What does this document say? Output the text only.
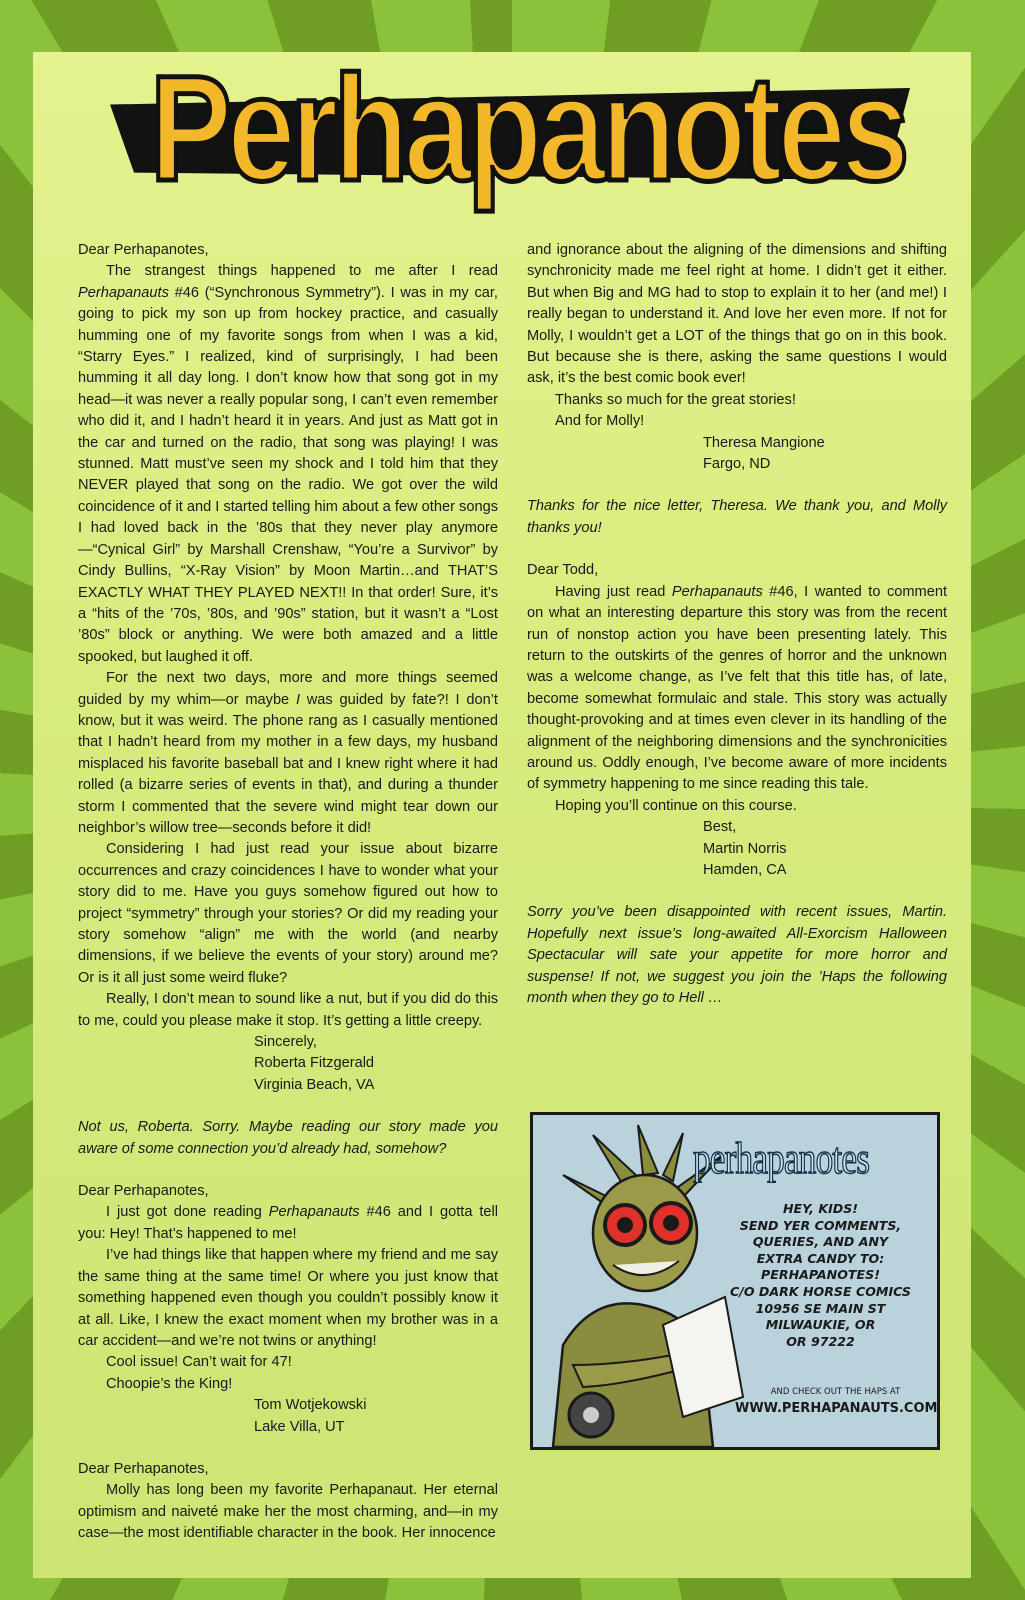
Perhapanotes

Dear Perhapanotes,

The strangest things happened to me after I read Perhapanauts #46 (“Synchronous Symmetry”). I was in my car, going to pick my son up from hockey practice, and casually humming one of my favorite songs from when I was a kid, “Starry Eyes.” I realized, kind of surprisingly, I had been humming it all day long. I don’t know how that song got in my head—it was never a really popular song, I can’t even remember who did it, and I hadn’t heard it in years. And just as Matt got in the car and turned on the radio, that song was playing! I was stunned. Matt must’ve seen my shock and I told him that they NEVER played that song on the radio. We got over the wild coincidence of it and I started telling him about a few other songs I had loved back in the ’80s that they never play anymore—“Cynical Girl” by Marshall Crenshaw, “You’re a Survivor” by Cindy Bullins, “X-Ray Vision” by Moon Martin…and THAT’S EXACTLY WHAT THEY PLAYED NEXT!! In that order! Sure, it’s a “hits of the ’70s, ’80s, and ’90s” station, but it wasn’t a “Lost ’80s” block or anything. We were both amazed and a little spooked, but laughed it off.

For the next two days, more and more things seemed guided by my whim—or maybe I was guided by fate?! I don’t know, but it was weird. The phone rang as I casually mentioned that I hadn’t heard from my mother in a few days, my husband misplaced his favorite baseball bat and I knew right where it had rolled (a bizarre series of events in that), and during a thunder storm I commented that the severe wind might tear down our neighbor’s willow tree—seconds before it did!

Considering I had just read your issue about bizarre occurrences and crazy coincidences I have to wonder what your story did to me. Have you guys somehow figured out how to project “symmetry” through your stories? Or did my reading your story somehow “align” me with the world (and nearby dimensions, if we believe the events of your story) around me? Or is it all just some weird fluke?

Really, I don’t mean to sound like a nut, but if you did do this to me, could you please make it stop. It’s getting a little creepy.

Sincerely,

Roberta Fitzgerald

Virginia Beach, VA

Not us, Roberta. Sorry. Maybe reading our story made you aware of some connection you’d already had, somehow?

Dear Perhapanotes,

I just got done reading Perhapanauts #46 and I gotta tell you: Hey! That’s happened to me!

I’ve had things like that happen where my friend and me say the same thing at the same time! Or where you just know that something happened even though you couldn’t possibly know it at all. Like, I knew the exact moment when my brother was in a car accident—and we’re not twins or anything!

Cool issue! Can’t wait for 47!

Choopie’s the King!

Tom Wotjekowski

Lake Villa, UT

Dear Perhapanotes,

Molly has long been my favorite Perhapanaut. Her eternal optimism and naiveté make her the most charming, and—in my case—the most identifiable character in the book. Her innocence

and ignorance about the aligning of the dimensions and shifting synchronicity made me feel right at home. I didn’t get it either. But when Big and MG had to stop to explain it to her (and me!) I really began to understand it. And love her even more. If not for Molly, I wouldn’t get a LOT of the things that go on in this book. But because she is there, asking the same questions I would ask, it’s the best comic book ever!

Thanks so much for the great stories!

And for Molly!

Theresa Mangione

Fargo, ND

Thanks for the nice letter, Theresa. We thank you, and Molly thanks you!

Dear Todd,

Having just read Perhapanauts #46, I wanted to comment on what an interesting departure this story was from the recent run of nonstop action you have been presenting lately. This return to the outskirts of the genres of horror and the unknown was a welcome change, as I’ve felt that this title has, of late, become somewhat formulaic and stale. This story was actually thought-provoking and at times even clever in its handling of the alignment of the neighboring dimensions and the synchronicities around us. Oddly enough, I’ve become aware of more incidents of symmetry happening to me since reading this tale.

Hoping you’ll continue on this course.

Best,

Martin Norris

Hamden, CA

Sorry you’ve been disappointed with recent issues, Martin. Hopefully next issue’s long-awaited All-Exorcism Halloween Spectacular will sate your appetite for more horror and suspense! If not, we suggest you join the ’Haps the following month when they go to Hell …

perhapanotes
HEY, KIDS!
SEND YER COMMENTS,
QUERIES, AND ANY
EXTRA CANDY TO:
PERHAPANOTES!
C/O DARK HORSE COMICS
10956 SE MAIN ST
MILWAUKIE, OR
OR 97222
AND CHECK OUT THE HAPS AT
WWW.PERHAPANAUTS.COM
